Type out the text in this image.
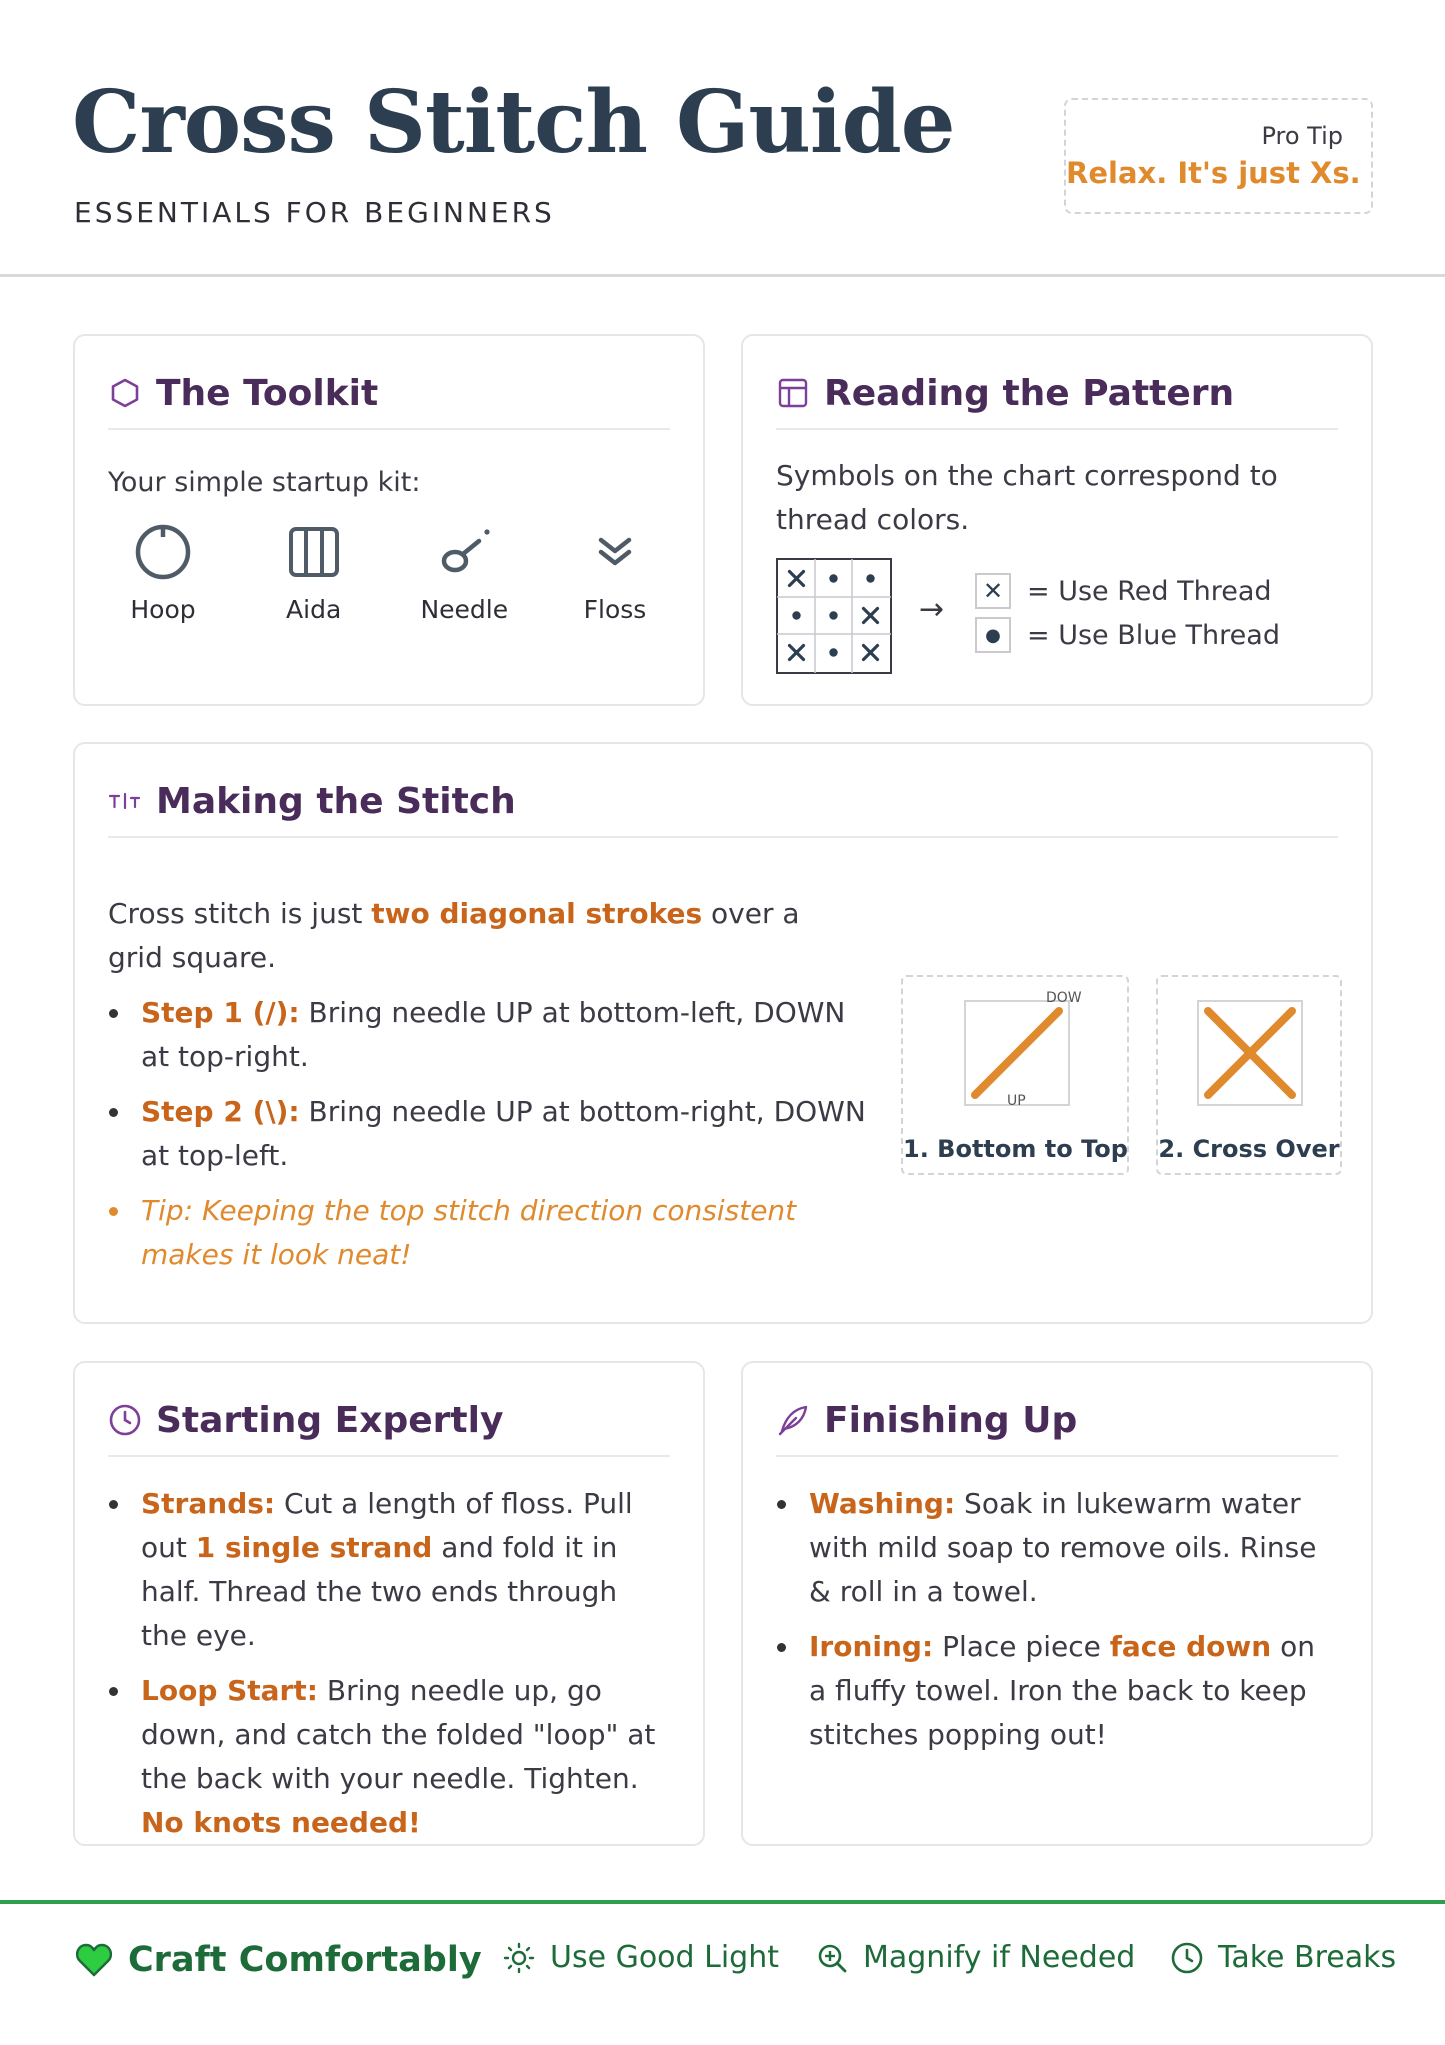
Cross Stitch Guide
ESSENTIALS FOR BEGINNERS
Pro Tip
Relax. It's just Xs.
The Toolkit
Your simple startup kit:
Hoop	Aida	Needle	Floss
Reading the Pattern
Symbols on the chart correspond to thread colors.
→
✕ = Use Red Thread
● = Use Blue Thread
Making the Stitch
Cross stitch is just two diagonal strokes over a grid square.
Step 1 (/): Bring needle UP at bottom-left, DOWN at top-right.
Step 2 (\): Bring needle UP at bottom-right, DOWN at top-left.
Tip: Keeping the top stitch direction consistent makes it look neat!
DOW
UP
1. Bottom to Top 2. Cross Over
Starting Expertly
Strands: Cut a length of floss. Pull out 1 single strand and fold it in half. Thread the two ends through the eye.
Loop Start: Bring needle up, go down, and catch the folded "loop" at the back with your needle. Tighten. No knots needed!
Finishing Up
Washing: Soak in lukewarm water with mild soap to remove oils. Rinse & roll in a towel.
Ironing: Place piece face down on a fluffy towel. Iron the back to keep stitches popping out!
Craft Comfortably Use Good Light	Magnify if Needed	Take Breaks
